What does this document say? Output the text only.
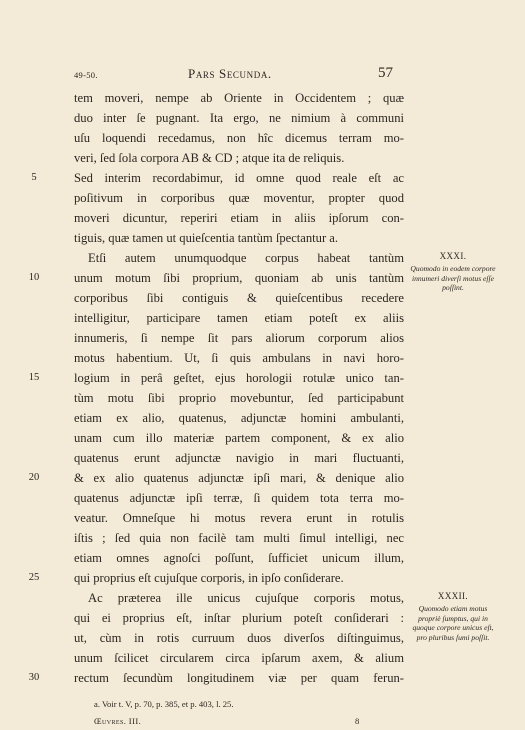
49-50.	Pars Secunda.	57
tem moveri, nempe ab Oriente in Occidentem ; quæ
duo inter ſe pugnant. Ita ergo, ne nimium à communi
uſu loquendi recedamus, non hîc dicemus terram mo-
veri, ſed ſola corpora AB & CD ; atque ita de reliquis.
Sed interim recordabimur, id omne quod reale eſt ac
poſitivum in corporibus quæ moventur, propter quod
moveri dicuntur, reperiri etiam in aliis ipſorum con-
tiguis, quæ tamen ut quieſcentia tantùm ſpectantur a.
Etſi autem unumquodque corpus habeat tantùm
unum motum ſibi proprium, quoniam ab unis tantùm
corporibus ſibi contiguis & quieſcentibus recedere
intelligitur, participare tamen etiam poteſt ex aliis
innumeris, ſi nempe ſit pars aliorum corporum alios
motus habentium. Ut, ſi quis ambulans in navi horo-
logium in perâ geſtet, ejus horologii rotulæ unico tan-
tùm motu ſibi proprio movebuntur, ſed participabunt
etiam ex alio, quatenus, adjunctæ homini ambulanti,
unam cum illo materiæ partem component, & ex alio
quatenus erunt adjunctæ navigio in mari fluctuanti,
& ex alio quatenus adjunctæ ipſi mari, & denique alio
quatenus adjunctæ ipſi terræ, ſi quidem tota terra mo-
veatur. Omneſque hi motus revera erunt in rotulis
iſtis ; ſed quia non facilè tam multi ſimul intelligi, nec
etiam omnes agnoſci poſſunt, ſufficiet unicum illum,
qui proprius eſt cujuſque corporis, in ipſo conſiderare.
Ac præterea ille unicus cujuſque corporis motus,
qui ei proprius eſt, inſtar plurium poteſt conſiderari :
ut, cùm in rotis curruum duos diverſos diſtinguimus,
unum ſcilicet circularem circa ipſarum axem, & alium
rectum ſecundùm longitudinem viæ per quam ferun-
5
10
15
20
25
30
XXXI.
Quomodo in eodem corpore innumeri diverſi motus eſſe poſſint.
XXXII.
Quomodo etiam motus propriè ſumptus, qui in quoque corpore unicus eſt, pro pluribus ſumi poſſit.
a. Voir t. V, p. 70, p. 385, et p. 403, l. 25.
Œuvres. III.	8
